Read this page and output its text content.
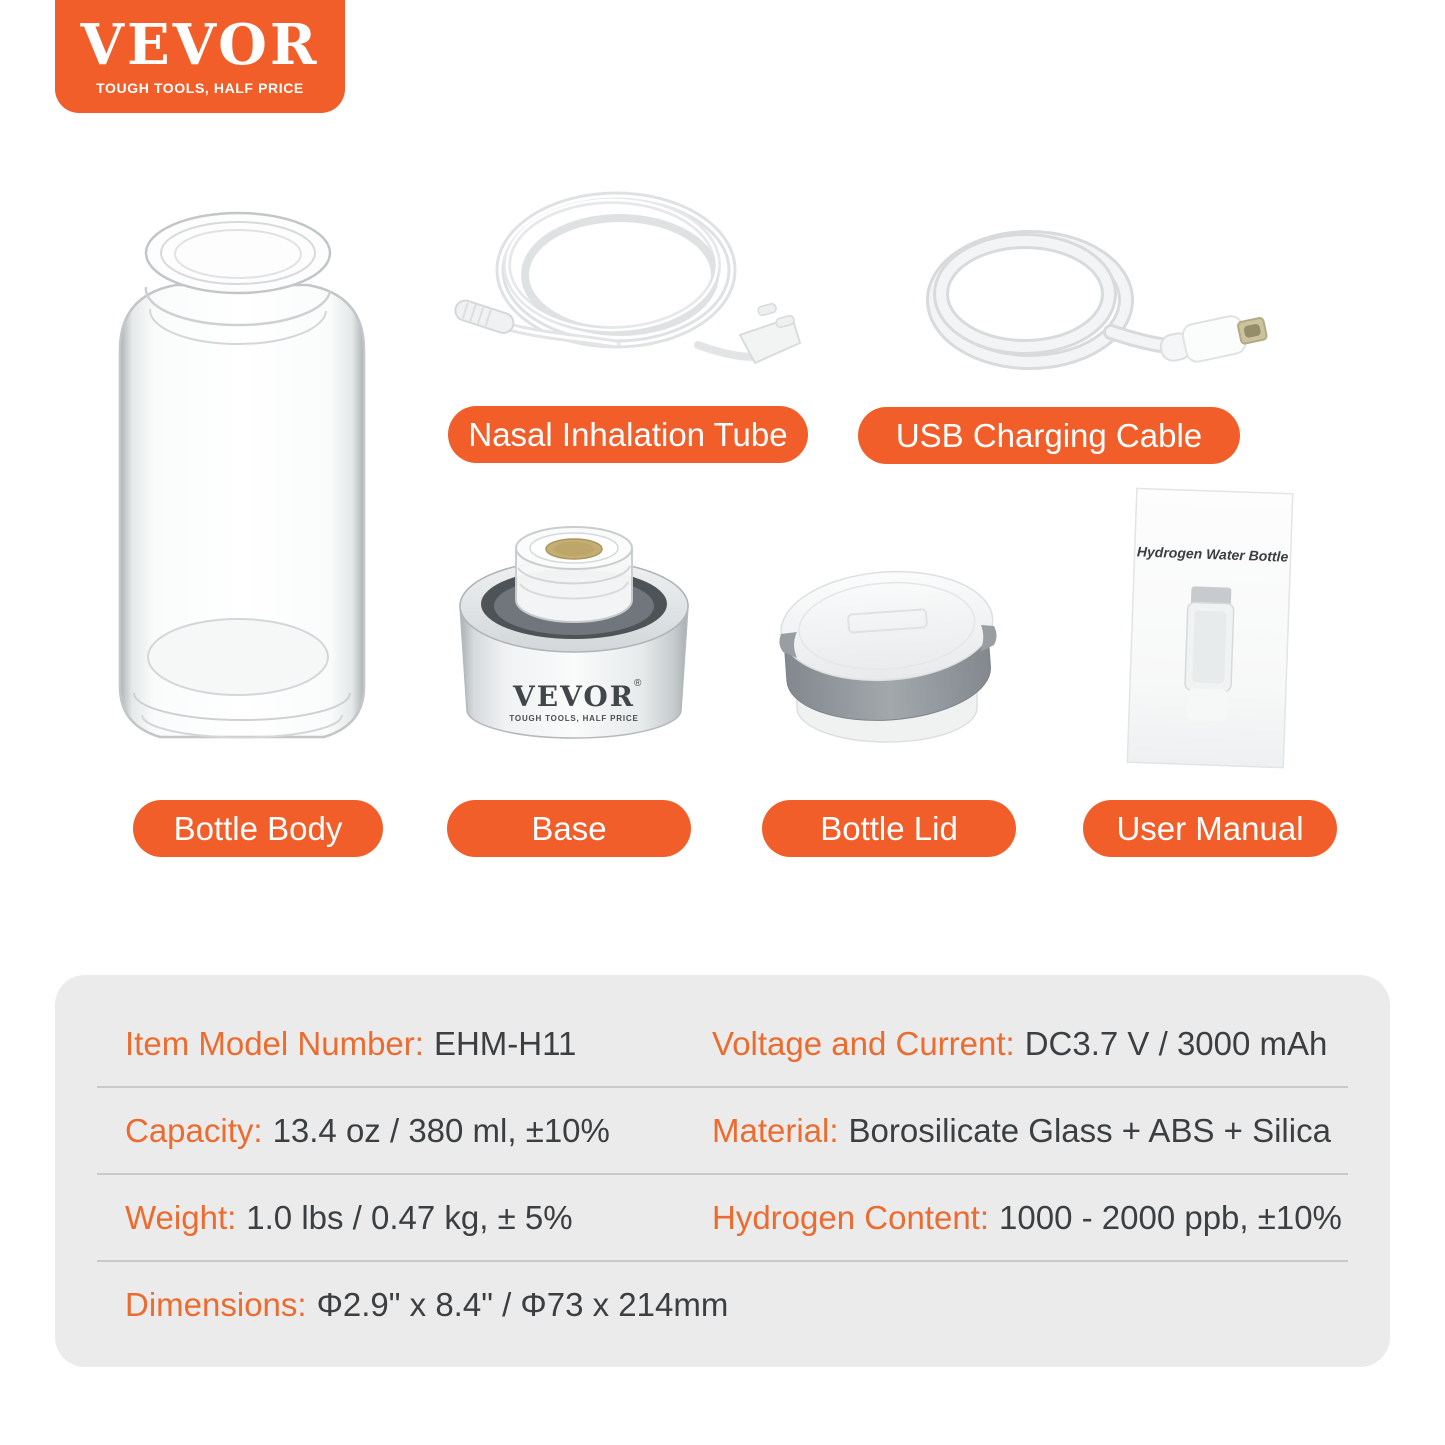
VEVOR
TOUGH TOOLS, HALF PRICE
VEVOR ®
TOUGH TOOLS, HALF PRICE
Hydrogen Water Bottle
Nasal Inhalation Tube	USB Charging Cable
Bottle Body	Base	Bottle Lid	User Manual
Item Model Number: EHM-H11	Voltage and Current: DC3.7 V / 3000 mAh
Capacity: 13.4 oz / 380 ml, ±10%	Material: Borosilicate Glass + ABS + Silica
Weight: 1.0 lbs / 0.47 kg, ± 5%	Hydrogen Content: 1000 - 2000 ppb, ±10%
Dimensions: Φ2.9" x 8.4" / Φ73 x 214mm
